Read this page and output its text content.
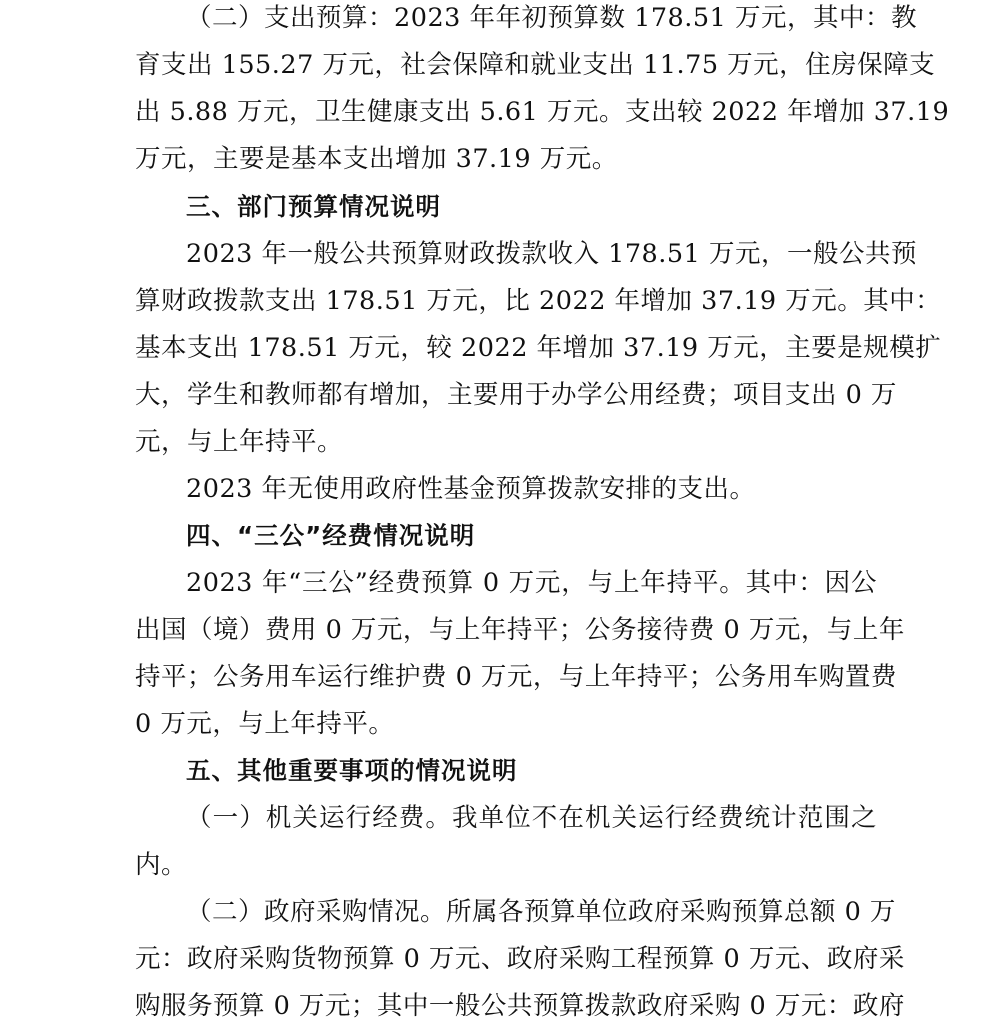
（二）支出预算：2023 年年初预算数 178.51 万元，其中：教
育支出 155.27 万元，社会保障和就业支出 11.75 万元，住房保障支
出 5.88 万元，卫生健康支出 5.61 万元。支出较 2022 年增加 37.19
万元，主要是基本支出增加 37.19 万元。
三、部门预算情况说明
2023 年一般公共预算财政拨款收入 178.51 万元，一般公共预
算财政拨款支出 178.51 万元，比 2022 年增加 37.19 万元。其中：
基本支出 178.51 万元，较 2022 年增加 37.19 万元，主要是规模扩
大，学生和教师都有增加，主要用于办学公用经费；项目支出 0 万
元，与上年持平。
2023 年无使用政府性基金预算拨款安排的支出。
四、“三公”经费情况说明
2023 年“三公”经费预算 0 万元，与上年持平。其中：因公
出国（境）费用 0 万元，与上年持平；公务接待费 0 万元，与上年
持平；公务用车运行维护费 0 万元，与上年持平；公务用车购置费
0 万元，与上年持平。
五、其他重要事项的情况说明
（一）机关运行经费。我单位不在机关运行经费统计范围之
内。
（二）政府采购情况。所属各预算单位政府采购预算总额 0 万
元：政府采购货物预算 0 万元、政府采购工程预算 0 万元、政府采
购服务预算 0 万元；其中一般公共预算拨款政府采购 0 万元：政府
